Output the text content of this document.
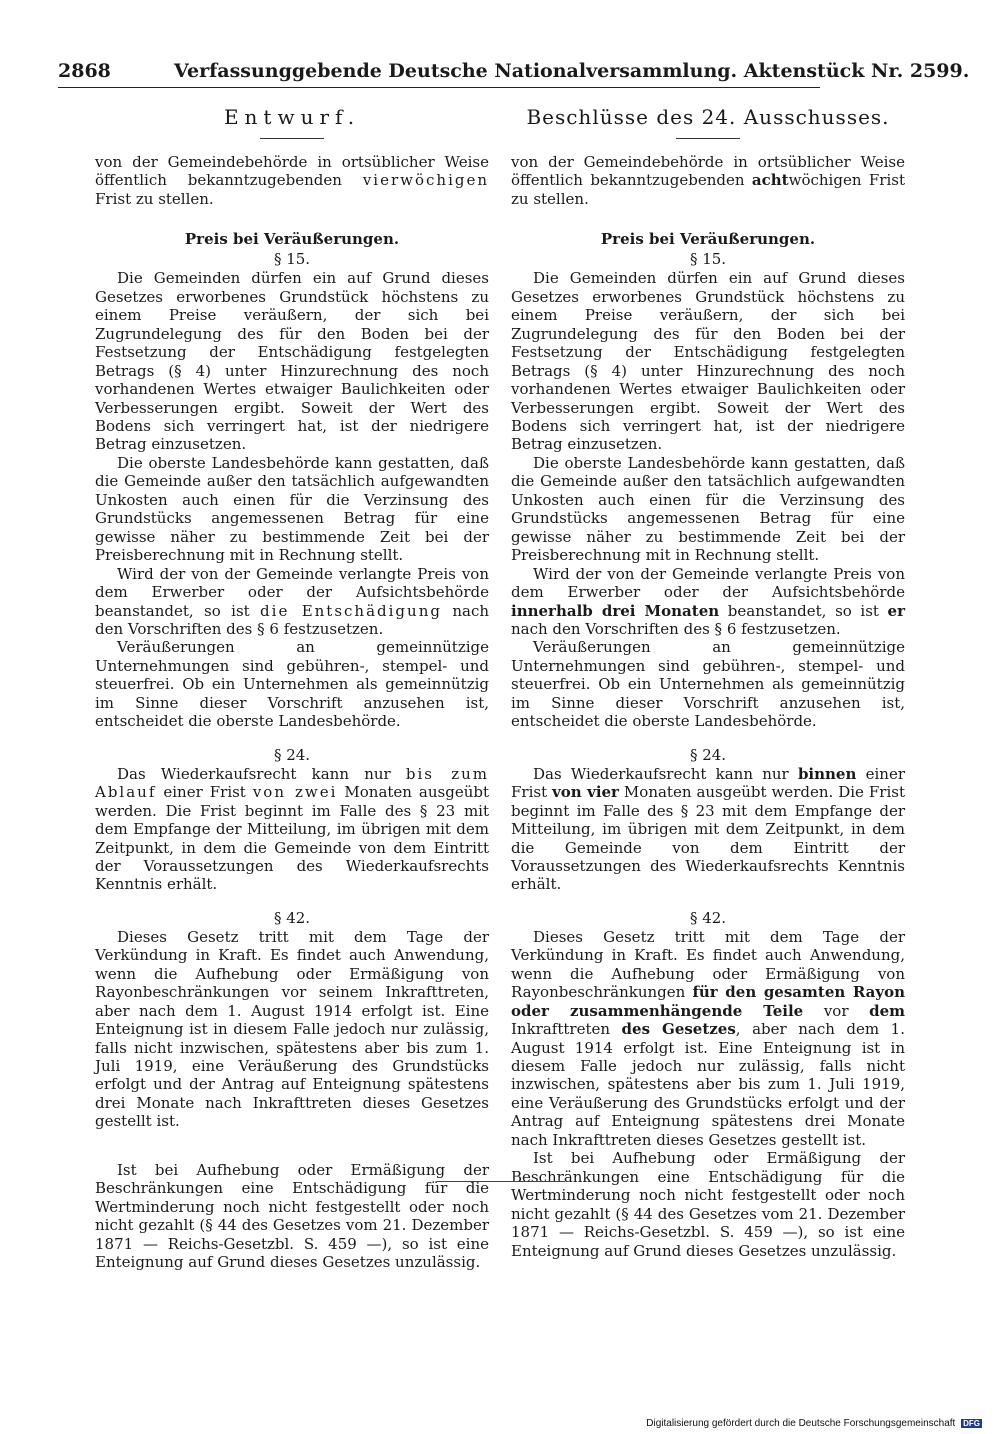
2868	Verfassunggebende Deutsche Nationalversammlung. Aktenstück Nr. 2599.
Entwurf.

von der Gemeindebehörde in ortsüblicher Weise öffentlich bekanntzugebenden vierwöchigen Frist zu stellen.

Preis bei Veräußerungen.
§ 15.

Die Gemeinden dürfen ein auf Grund dieses Gesetzes erworbenes Grundstück höchstens zu einem Preise veräußern, der sich bei Zugrundelegung des für den Boden bei der Festsetzung der Entschädigung festgelegten Betrags (§ 4) unter Hinzurechnung des noch vorhandenen Wertes etwaiger Baulichkeiten oder Verbesserungen ergibt. Soweit der Wert des Bodens sich verringert hat, ist der niedrigere Betrag einzusetzen.

Die oberste Landesbehörde kann gestatten, daß die Gemeinde außer den tatsächlich aufgewandten Unkosten auch einen für die Verzinsung des Grundstücks angemessenen Betrag für eine gewisse näher zu bestimmende Zeit bei der Preisberechnung mit in Rechnung stellt.

Wird der von der Gemeinde verlangte Preis von dem Erwerber oder der Aufsichtsbehörde beanstandet, so ist die Entschädigung nach den Vorschriften des § 6 festzusetzen.

Veräußerungen an gemeinnützige Unternehmungen sind gebühren-, stempel- und steuerfrei. Ob ein Unternehmen als gemeinnützig im Sinne dieser Vorschrift anzusehen ist, entscheidet die oberste Landesbehörde.

§ 24.

Das Wiederkaufsrecht kann nur bis zum Ablauf einer Frist von zwei Monaten ausgeübt werden. Die Frist beginnt im Falle des § 23 mit dem Empfange der Mitteilung, im übrigen mit dem Zeitpunkt, in dem die Gemeinde von dem Eintritt der Voraussetzungen des Wiederkaufsrechts Kenntnis erhält.

§ 42.

Dieses Gesetz tritt mit dem Tage der Verkündung in Kraft. Es findet auch Anwendung, wenn die Aufhebung oder Ermäßigung von Rayonbeschränkungen vor seinem Inkrafttreten, aber nach dem 1. August 1914 erfolgt ist. Eine Enteignung ist in diesem Falle jedoch nur zulässig, falls nicht inzwischen, spätestens aber bis zum 1. Juli 1919, eine Veräußerung des Grundstücks erfolgt und der Antrag auf Enteignung spätestens drei Monate nach Inkrafttreten dieses Gesetzes gestellt ist.

Ist bei Aufhebung oder Ermäßigung der Beschränkungen eine Entschädigung für die Wertminderung noch nicht festgestellt oder noch nicht gezahlt (§ 44 des Gesetzes vom 21. Dezember 1871 — Reichs-Gesetzbl. S. 459 —), so ist eine Enteignung auf Grund dieses Gesetzes unzulässig.

Beschlüsse des 24. Ausschusses.

von der Gemeindebehörde in ortsüblicher Weise öffentlich bekanntzugebenden achtwöchigen Frist zu stellen.

Preis bei Veräußerungen.
§ 15.

Die Gemeinden dürfen ein auf Grund dieses Gesetzes erworbenes Grundstück höchstens zu einem Preise veräußern, der sich bei Zugrundelegung des für den Boden bei der Festsetzung der Entschädigung festgelegten Betrags (§ 4) unter Hinzurechnung des noch vorhandenen Wertes etwaiger Baulichkeiten oder Verbesserungen ergibt. Soweit der Wert des Bodens sich verringert hat, ist der niedrigere Betrag einzusetzen.

Die oberste Landesbehörde kann gestatten, daß die Gemeinde außer den tatsächlich aufgewandten Unkosten auch einen für die Verzinsung des Grundstücks angemessenen Betrag für eine gewisse näher zu bestimmende Zeit bei der Preisberechnung mit in Rechnung stellt.

Wird der von der Gemeinde verlangte Preis von dem Erwerber oder der Aufsichtsbehörde innerhalb drei Monaten beanstandet, so ist er nach den Vorschriften des § 6 festzusetzen.

Veräußerungen an gemeinnützige Unternehmungen sind gebühren-, stempel- und steuerfrei. Ob ein Unternehmen als gemeinnützig im Sinne dieser Vorschrift anzusehen ist, entscheidet die oberste Landesbehörde.

§ 24.

Das Wiederkaufsrecht kann nur binnen einer Frist von vier Monaten ausgeübt werden. Die Frist beginnt im Falle des § 23 mit dem Empfange der Mitteilung, im übrigen mit dem Zeitpunkt, in dem die Gemeinde von dem Eintritt der Voraussetzungen des Wiederkaufsrechts Kenntnis erhält.

§ 42.

Dieses Gesetz tritt mit dem Tage der Verkündung in Kraft. Es findet auch Anwendung, wenn die Aufhebung oder Ermäßigung von Rayonbeschränkungen für den gesamten Rayon oder zusammenhängende Teile vor dem Inkrafttreten des Gesetzes, aber nach dem 1. August 1914 erfolgt ist. Eine Enteignung ist in diesem Falle jedoch nur zulässig, falls nicht inzwischen, spätestens aber bis zum 1. Juli 1919, eine Veräußerung des Grundstücks erfolgt und der Antrag auf Enteignung spätestens drei Monate nach Inkrafttreten dieses Gesetzes gestellt ist.

Ist bei Aufhebung oder Ermäßigung der Beschränkungen eine Entschädigung für die Wertminderung noch nicht festgestellt oder noch nicht gezahlt (§ 44 des Gesetzes vom 21. Dezember 1871 — Reichs-Gesetzbl. S. 459 —), so ist eine Enteignung auf Grund dieses Gesetzes unzulässig.

Digitalisierung gefördert durch die Deutsche Forschungsgemeinschaft DFG
